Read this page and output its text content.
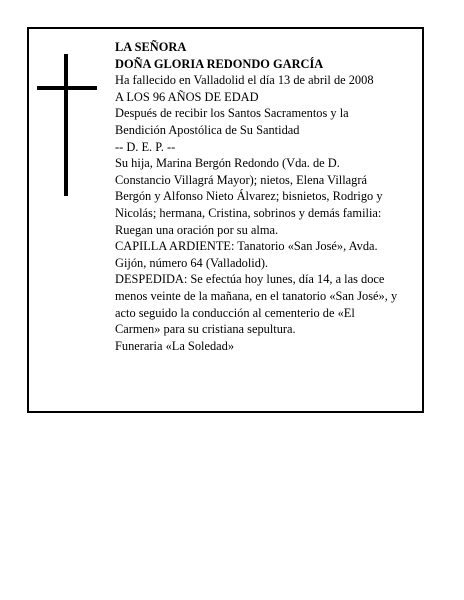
LA SEÑORA
DOÑA GLORIA REDONDO GARCÍA
Ha fallecido en Valladolid el día 13 de abril de 2008
A LOS 96 AÑOS DE EDAD
Después de recibir los Santos Sacramentos y la
Bendición Apostólica de Su Santidad
-- D. E. P. --
Su hija, Marina Bergón Redondo (Vda. de D.
Constancio Villagrá Mayor); nietos, Elena Villagrá
Bergón y Alfonso Nieto Álvarez; bisnietos, Rodrigo y
Nicolás; hermana, Cristina, sobrinos y demás familia:
Ruegan una oración por su alma.
CAPILLA ARDIENTE: Tanatorio «San José», Avda.
Gijón, número 64 (Valladolid).
DESPEDIDA: Se efectúa hoy lunes, día 14, a las doce
menos veinte de la mañana, en el tanatorio «San José», y
acto seguido la conducción al cementerio de «El
Carmen» para su cristiana sepultura.
Funeraria «La Soledad»
